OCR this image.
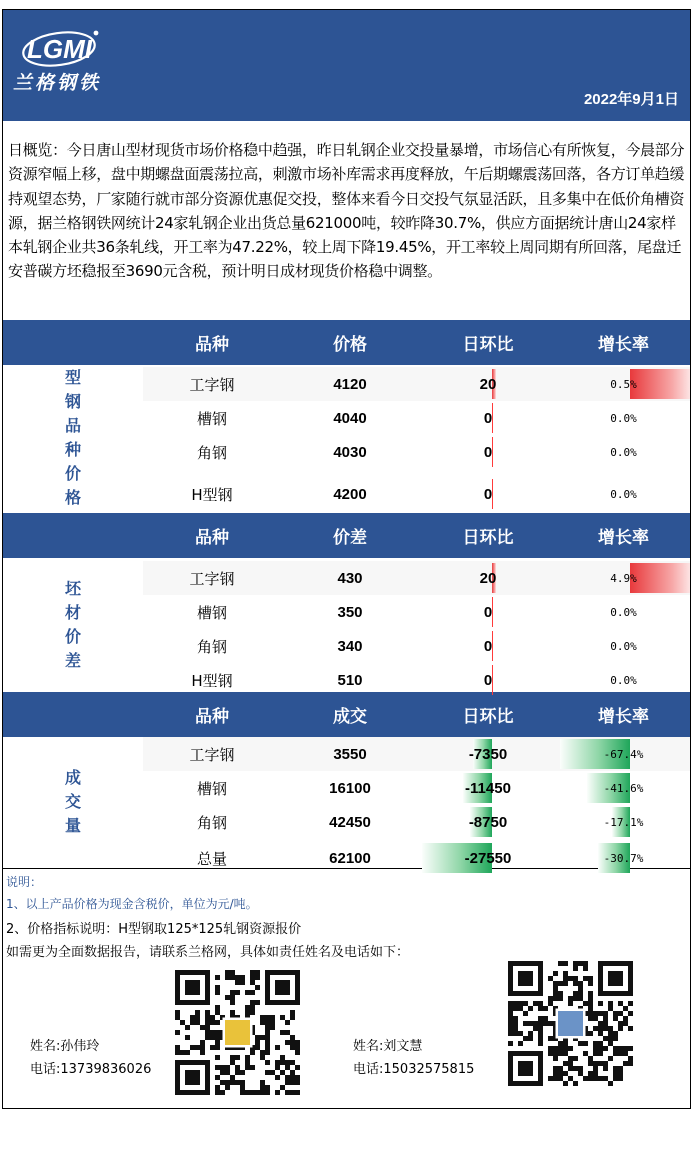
LGMI
兰格钢铁
2022年9月1日
日概览：今日唐山型材现货市场价格稳中趋强，昨日轧钢企业交投量暴增，市场信心有所恢复，今晨部分资源窄幅上移，盘中期螺盘面震荡拉高，刺激市场补库需求再度释放，午后期螺震荡回落，各方订单趋缓持观望态势，厂家随行就市部分资源优惠促交投，整体来看今日交投气氛显活跃，且多集中在低价角槽资源，据兰格钢铁网统计24家轧钢企业出货总量621000吨，较昨降30.7%，供应方面据统计唐山24家样本轧钢企业共36条轧线，开工率为47.22%，较上周下降19.45%，开工率较上周同期有所回落，尾盘迁安普碳方坯稳报至3690元含税，预计明日成材现货价格稳中调整。
品种	价格	日环比	增长率
型钢品种价格
工字钢	4120	20	0.5%
槽钢	4040	0	0.0%
角钢	4030	0	0.0%
H型钢	4200	0	0.0%
品种	价差	日环比	增长率
坯材价差
工字钢	430	20	4.9%
槽钢	350	0	0.0%
角钢	340	0	0.0%
H型钢	510	0	0.0%
品种	成交	日环比	增长率
成交量
工字钢	3550	-7350	-67.4%
槽钢	16100	-11450	-41.6%
角钢	42450	-8750	-17.1%
总量	62100	-27550	-30.7%
说明：
1、以上产品价格为现金含税价，单位为元/吨。
2、价格指标说明：H型钢取125*125轧钢资源报价
如需更为全面数据报告，请联系兰格网，具体如责任姓名及电话如下：
姓名:孙伟玲
电话:13739836026
姓名:刘文慧
电话:15032575815
